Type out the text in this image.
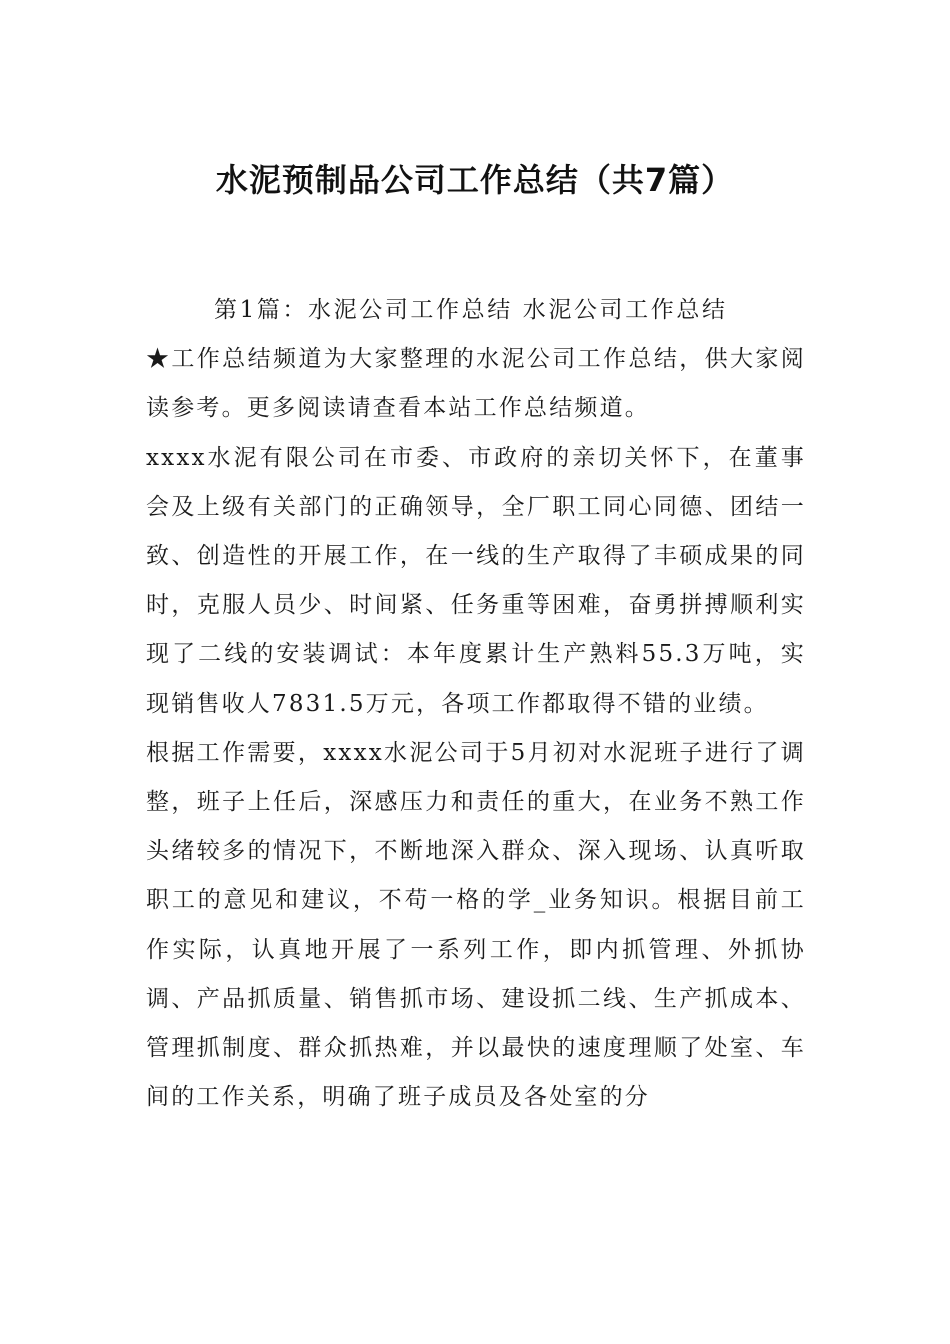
水泥预制品公司工作总结（共7篇）

第1篇：水泥公司工作总结 水泥公司工作总结

★工作总结频道为大家整理的水泥公司工作总结，供大家阅读参考。更多阅读请查看本站工作总结频道。

xxxx水泥有限公司在市委、市政府的亲切关怀下，在董事会及上级有关部门的正确领导，全厂职工同心同德、团结一致、创造性的开展工作，在一线的生产取得了丰硕成果的同时，克服人员少、时间紧、任务重等困难，奋勇拼搏顺利实现了二线的安装调试：本年度累计生产熟料55.3万吨，实现销售收人7831.5万元，各项工作都取得不错的业绩。

根据工作需要，xxxx水泥公司于5月初对水泥班子进行了调整，班子上任后，深感压力和责任的重大，在业务不熟工作头绪较多的情况下，不断地深入群众、深入现场、认真听取职工的意见和建议，不苟一格的学_业务知识。根据目前工作实际，认真地开展了一系列工作，即内抓管理、外抓协调、产品抓质量、销售抓市场、建设抓二线、生产抓成本、管理抓制度、群众抓热难，并以最快的速度理顺了处室、车间的工作关系，明确了班子成员及各处室的分
